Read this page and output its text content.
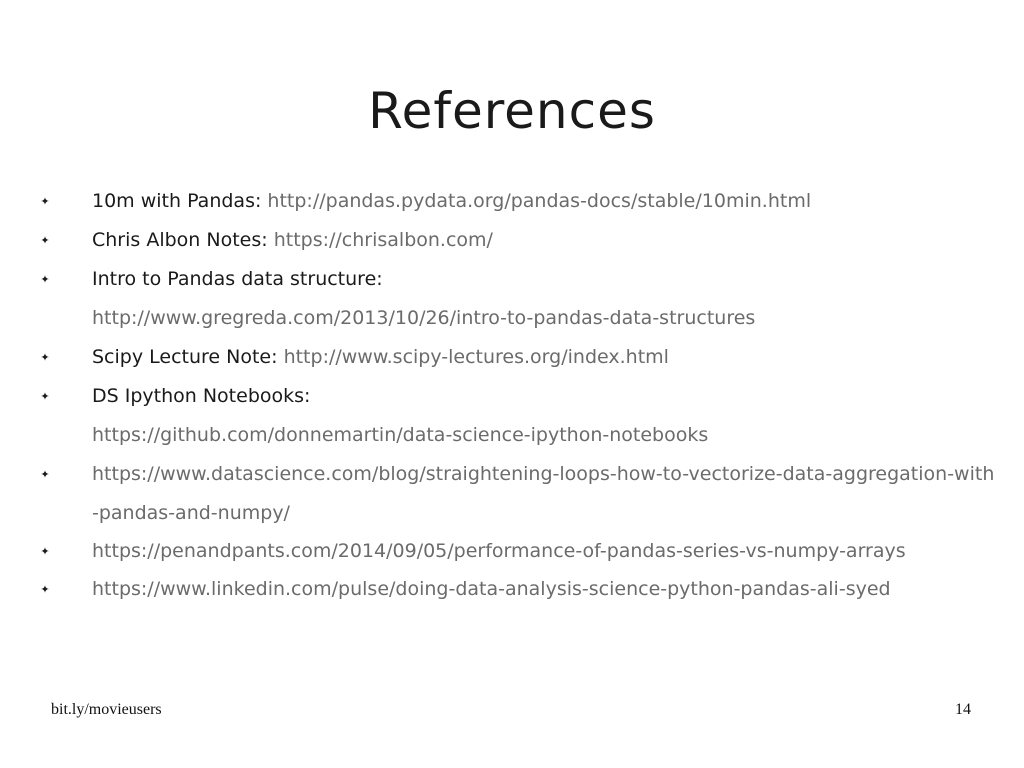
References
✦ 10m with Pandas: http://pandas.pydata.org/pandas-docs/stable/10min.html
✦ Chris Albon Notes: https://chrisalbon.com/
✦ Intro to Pandas data structure:
http://www.gregreda.com/2013/10/26/intro-to-pandas-data-structures
✦ Scipy Lecture Note: http://www.scipy-lectures.org/index.html
✦ DS Ipython Notebooks:
https://github.com/donnemartin/data-science-ipython-notebooks
✦ https://www.datascience.com/blog/straightening-loops-how-to-vectorize-data-aggregation-with-pandas-and-numpy/
✦ https://penandpants.com/2014/09/05/performance-of-pandas-series-vs-numpy-arrays
✦ https://www.linkedin.com/pulse/doing-data-analysis-science-python-pandas-ali-syed
bit.ly/movieusers	14
